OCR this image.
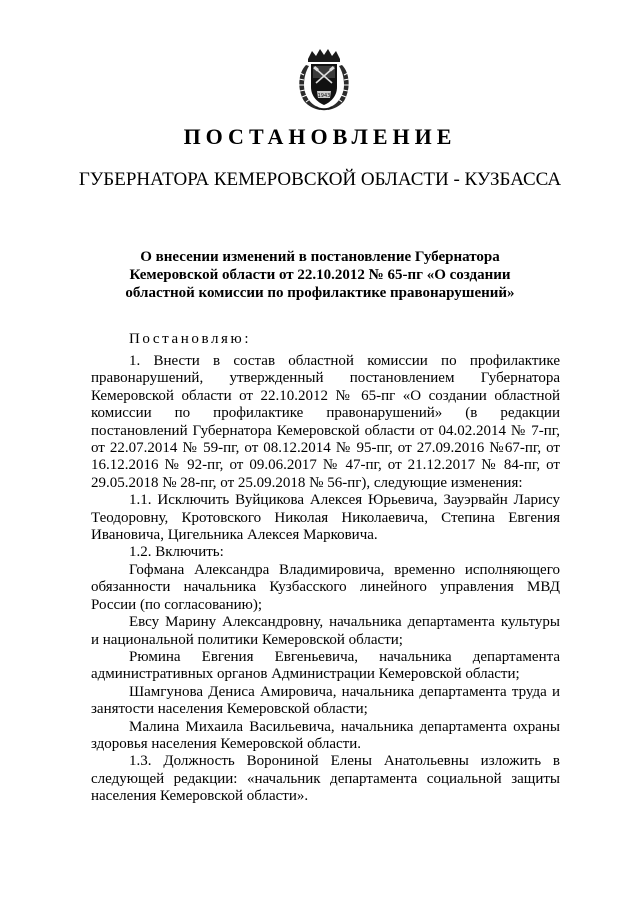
1943
ПОСТАНОВЛЕНИЕ
ГУБЕРНАТОРА КЕМЕРОВСКОЙ ОБЛАСТИ - КУЗБАССА
О внесении изменений в постановление Губернатора
Кемеровской области от 22.10.2012 № 65-пг «О создании
областной комиссии по профилактике правонарушений»
Постановляю:

1. Внести в состав областной комиссии по профилактике правонарушений, утвержденный постановлением Губернатора Кемеровской области от 22.10.2012 № 65-пг «О создании областной комиссии по профилактике правонарушений» (в редакции постановлений Губернатора Кемеровской области от 04.02.2014 № 7-пг, от 22.07.2014 № 59-пг, от 08.12.2014 № 95-пг, от 27.09.2016 №67-пг, от 16.12.2016 № 92-пг, от 09.06.2017 № 47-пг, от 21.12.2017 № 84-пг, от 29.05.2018 № 28-пг, от 25.09.2018 № 56-пг), следующие изменения:

1.1. Исключить Вуйцикова Алексея Юрьевича, Зауэрвайн Ларису Теодоровну, Кротовского Николая Николаевича, Степина Евгения Ивановича, Цигельника Алексея Марковича.

1.2. Включить:

Гофмана Александра Владимировича, временно исполняющего обязанности начальника Кузбасского линейного управления МВД России (по согласованию);

Евсу Марину Александровну, начальника департамента культуры и национальной политики Кемеровской области;

Рюмина Евгения Евгеньевича, начальника департамента административных органов Администрации Кемеровской области;

Шамгунова Дениса Амировича, начальника департамента труда и занятости населения Кемеровской области;

Малина Михаила Васильевича, начальника департамента охраны здоровья населения Кемеровской области.

1.3. Должность Ворониной Елены Анатольевны изложить в следующей редакции: «начальник департамента социальной защиты населения Кемеровской области».
